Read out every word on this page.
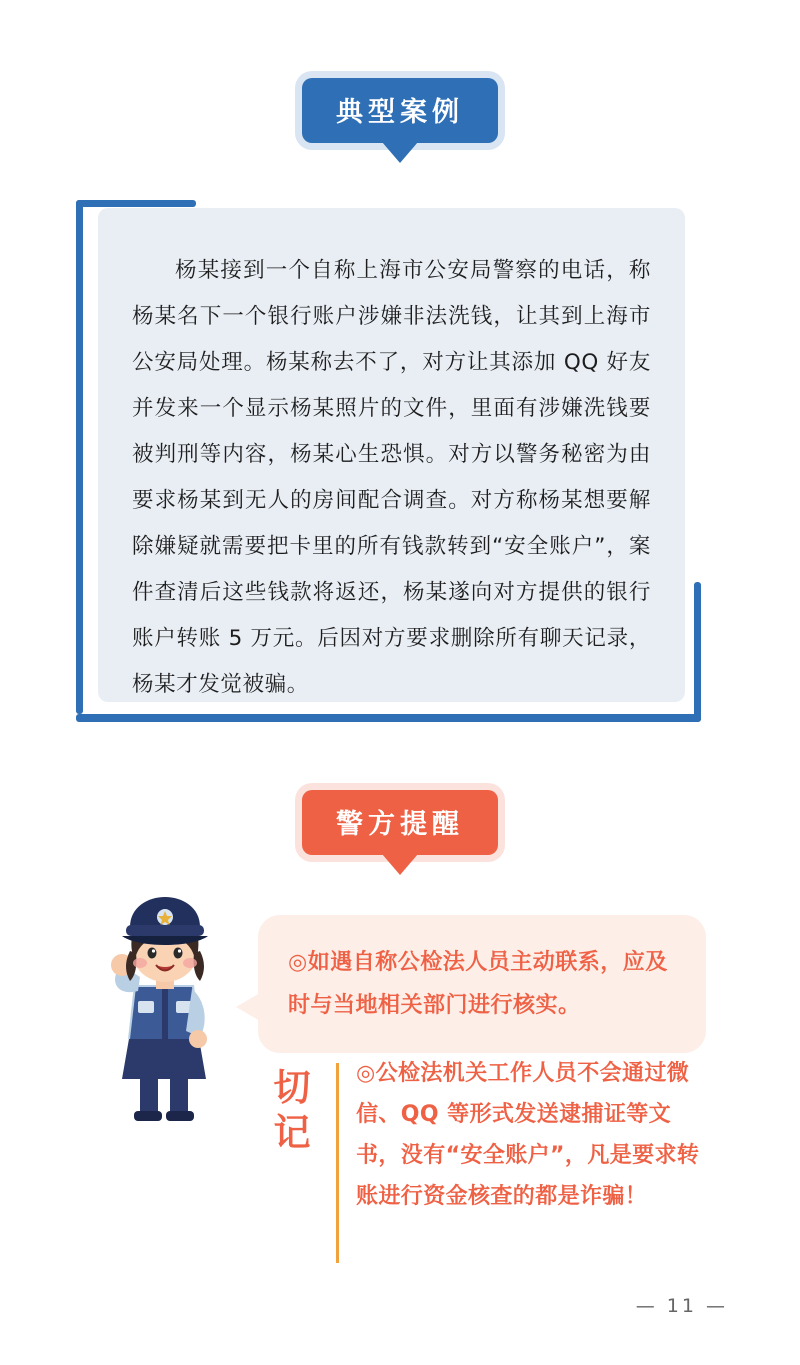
典型案例

杨某接到一个自称上海市公安局警察的电话，称杨某名下一个银行账户涉嫌非法洗钱，让其到上海市公安局处理。杨某称去不了，对方让其添加 QQ 好友并发来一个显示杨某照片的文件，里面有涉嫌洗钱要被判刑等内容，杨某心生恐惧。对方以警务秘密为由要求杨某到无人的房间配合调查。对方称杨某想要解除嫌疑就需要把卡里的所有钱款转到“安全账户”，案件查清后这些钱款将返还，杨某遂向对方提供的银行账户转账 5 万元。后因对方要求删除所有聊天记录，杨某才发觉被骗。

警方提醒

◎如遇自称公检法人员主动联系，应及时与当地相关部门进行核实。

切记

◎公检法机关工作人员不会通过微信、QQ 等形式发送逮捕证等文书，没有“安全账户”，凡是要求转账进行资金核查的都是诈骗！

— 11 —
